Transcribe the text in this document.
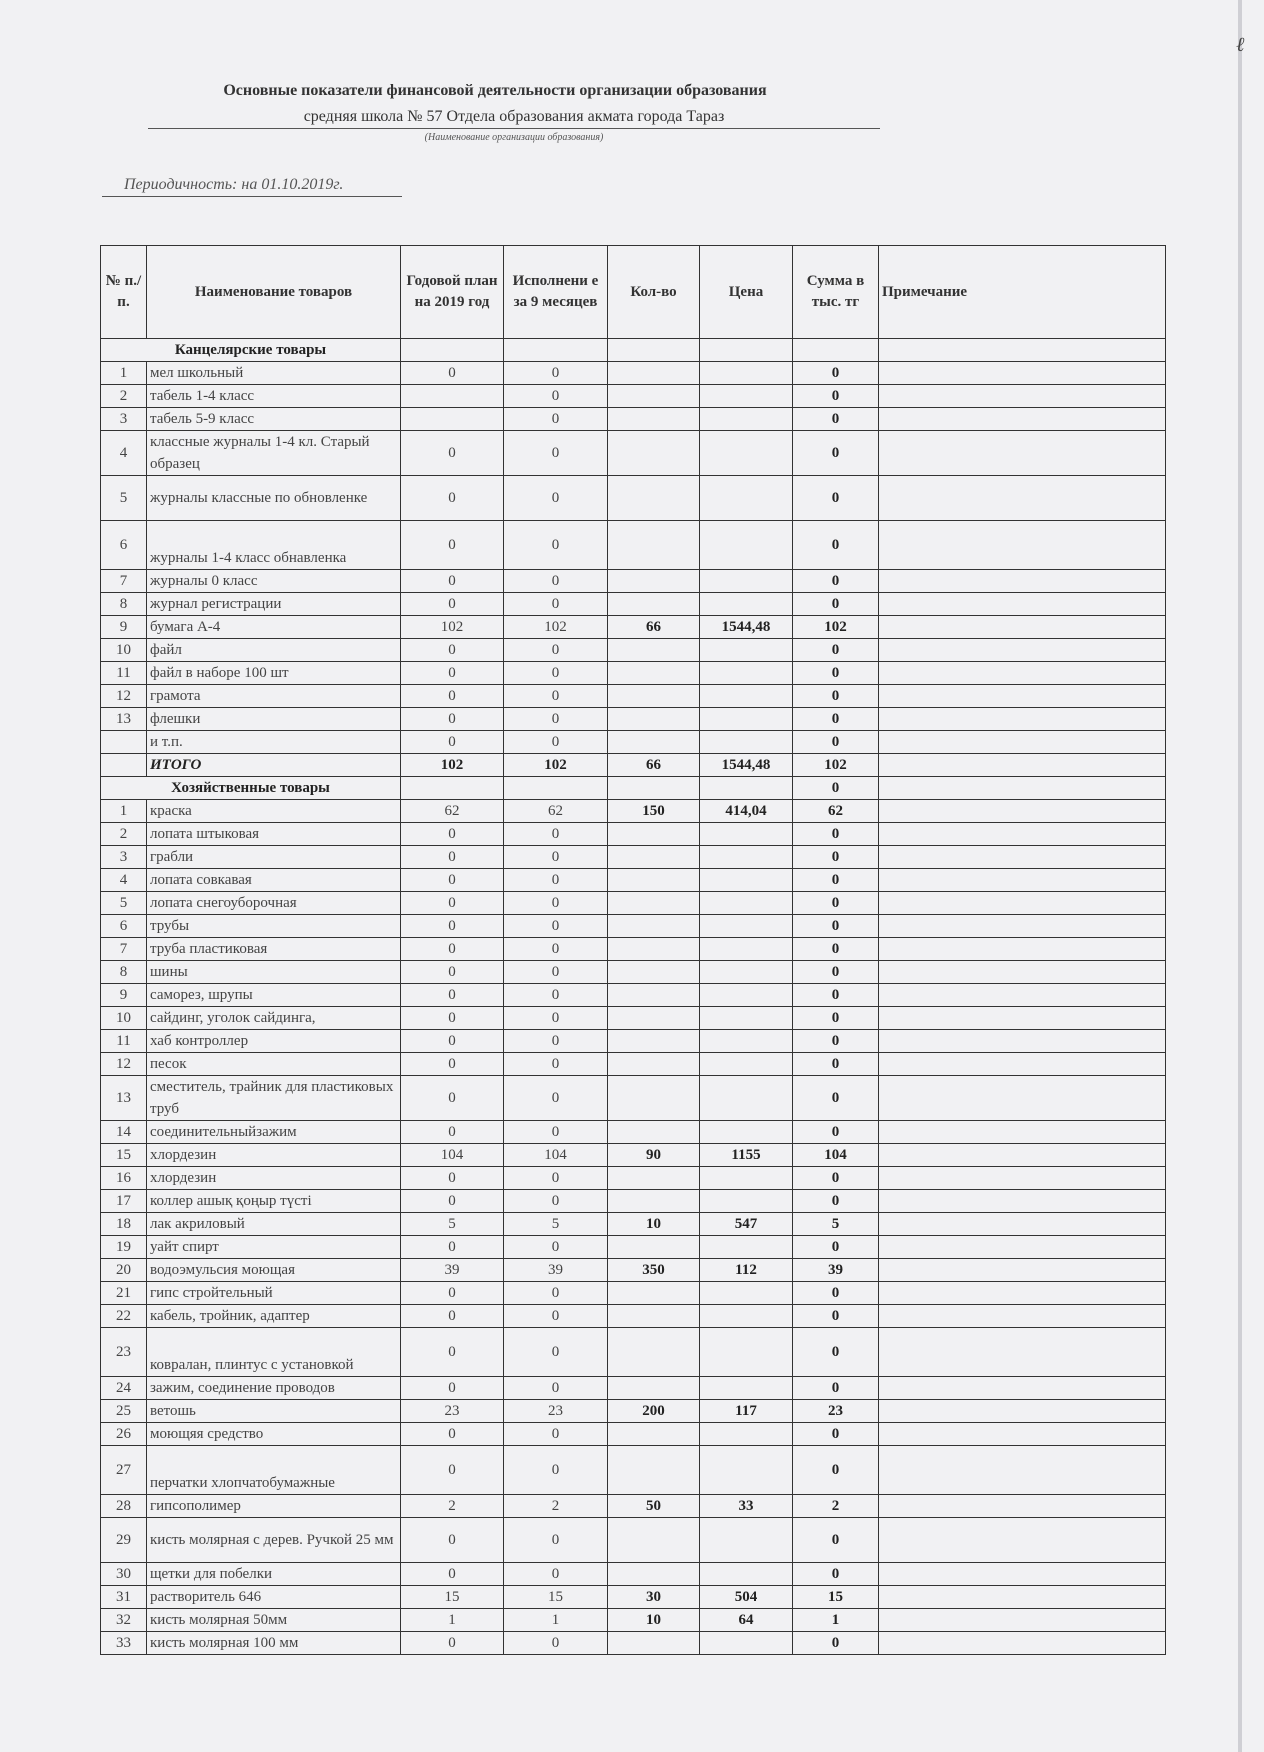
ℓ
Основные показатели финансовой деятельности организации образования
средняя школа № 57 Отдела образования акмата города Тараз
(Наименование организации образования)
Периодичность: на 01.10.2019г.
№ п./п.	Наименование товаров	Годовой план на 2019 год	Исполнени е за 9 месяцев	Кол-во	Цена	Сумма в тыс. тг	Примечание
Канцелярские товары							
1	мел школьный	0	0			0	
2	табель 1-4 класс		0			0	
3	табель 5-9 класс		0			0	
4	классные журналы 1-4 кл. Старый образец	0	0			0	
5	журналы классные по обновленке	0	0			0	
6	журналы 1-4 класс обнавленка	0	0			0	
7	журналы 0 класс	0	0			0	
8	журнал регистрации	0	0			0	
9	бумага А-4	102	102	66	1544,48	102	
10	файл	0	0			0	
11	файл в наборе 100 шт	0	0			0	
12	грамота	0	0			0	
13	флешки	0	0			0	
	и т.п.	0	0			0	
	ИТОГО	102	102	66	1544,48	102	
Хозяйственные товары						0	
1	краска	62	62	150	414,04	62	
2	лопата штыковая	0	0			0	
3	грабли	0	0			0	
4	лопата совкавая	0	0			0	
5	лопата снегоуборочная	0	0			0	
6	трубы	0	0			0	
7	труба пластиковая	0	0			0	
8	шины	0	0			0	
9	саморез, шрупы	0	0			0	
10	сайдинг, уголок сайдинга,	0	0			0	
11	хаб контроллер	0	0			0	
12	песок	0	0			0	
13	сместитель, трайник для пластиковых труб	0	0			0	
14	соединительныйзажим	0	0			0	
15	хлордезин	104	104	90	1155	104	
16	хлордезин	0	0			0	
17	коллер ашық қоңыр түсті	0	0			0	
18	лак акриловый	5	5	10	547	5	
19	уайт спирт	0	0			0	
20	водоэмульсия моющая	39	39	350	112	39	
21	гипс стройтельный	0	0			0	
22	кабель, тройник, адаптер	0	0			0	
23	ковралан, плинтус с установкой	0	0			0	
24	зажим, соединение проводов	0	0			0	
25	ветошь	23	23	200	117	23	
26	моющяя средство	0	0			0	
27	перчатки хлопчатобумажные	0	0			0	
28	гипсополимер	2	2	50	33	2	
29	кисть молярная с дерев. Ручкой 25 мм	0	0			0	
30	щетки для побелки	0	0			0	
31	растворитель 646	15	15	30	504	15	
32	кисть молярная 50мм	1	1	10	64	1	
33	кисть молярная 100 мм	0	0			0	
